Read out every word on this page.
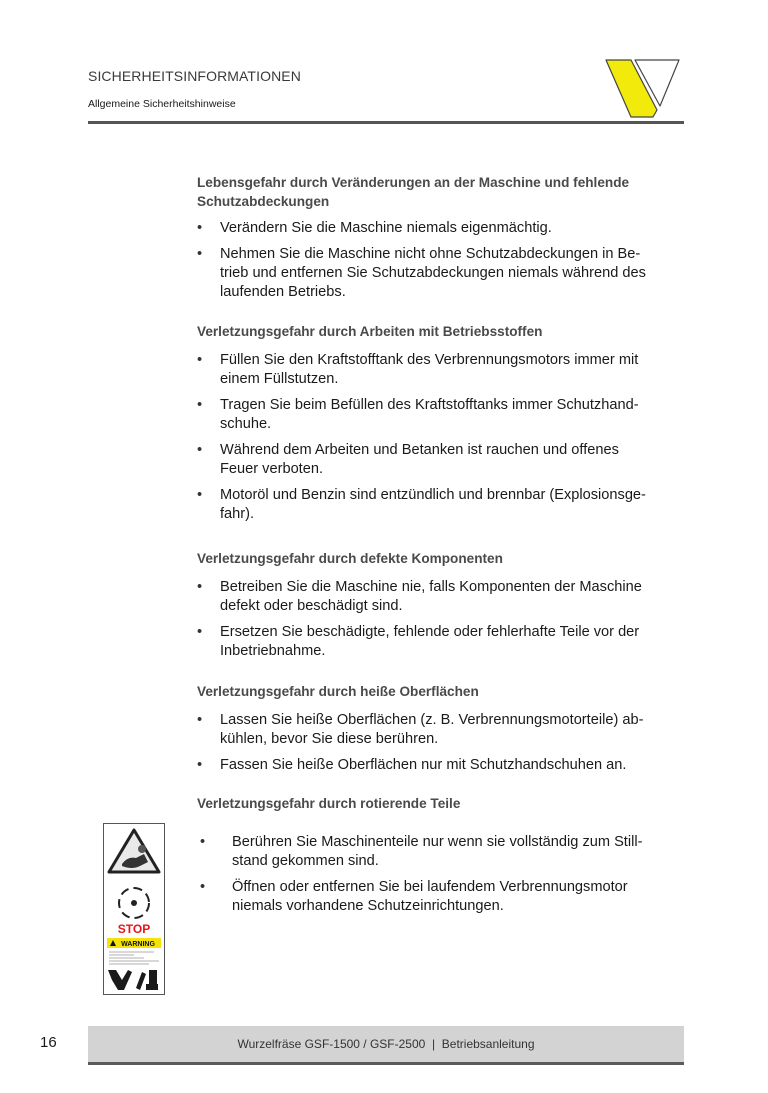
SICHERHEITSINFORMATIONEN
Allgemeine Sicherheitshinweise
Lebensgefahr durch Veränderungen an der Maschine und fehlende
Schutzabdeckungen
•	Verändern Sie die Maschine niemals eigenmächtig.
•	Nehmen Sie die Maschine nicht ohne Schutzabdeckungen in Be-
trieb und entfernen Sie Schutzabdeckungen niemals während des
laufenden Betriebs.
Verletzungsgefahr durch Arbeiten mit Betriebsstoffen
•	Füllen Sie den Kraftstofftank des Verbrennungsmotors immer mit
einem Füllstutzen.
•	Tragen Sie beim Befüllen des Kraftstofftanks immer Schutzhand-
schuhe.
•	Während dem Arbeiten und Betanken ist rauchen und offenes
Feuer verboten.
•	Motoröl und Benzin sind entzündlich und brennbar (Explosionsge-
fahr).
Verletzungsgefahr durch defekte Komponenten
•	Betreiben Sie die Maschine nie, falls Komponenten der Maschine
defekt oder beschädigt sind.
•	Ersetzen Sie beschädigte, fehlende oder fehlerhafte Teile vor der
Inbetriebnahme.
Verletzungsgefahr durch heiße Oberflächen
•	Lassen Sie heiße Oberflächen (z. B. Verbrennungsmotorteile) ab-
kühlen, bevor Sie diese berühren.
•	Fassen Sie heiße Oberflächen nur mit Schutzhandschuhen an.
Verletzungsgefahr durch rotierende Teile
•	Berühren Sie Maschinenteile nur wenn sie vollständig zum Still-
stand gekommen sind.
•	Öffnen oder entfernen Sie bei laufendem Verbrennungsmotor
niemals vorhandene Schutzeinrichtungen.
STOP
WARNING
16	Wurzelfräse GSF-1500 / GSF-2500  |  Betriebsanleitung
